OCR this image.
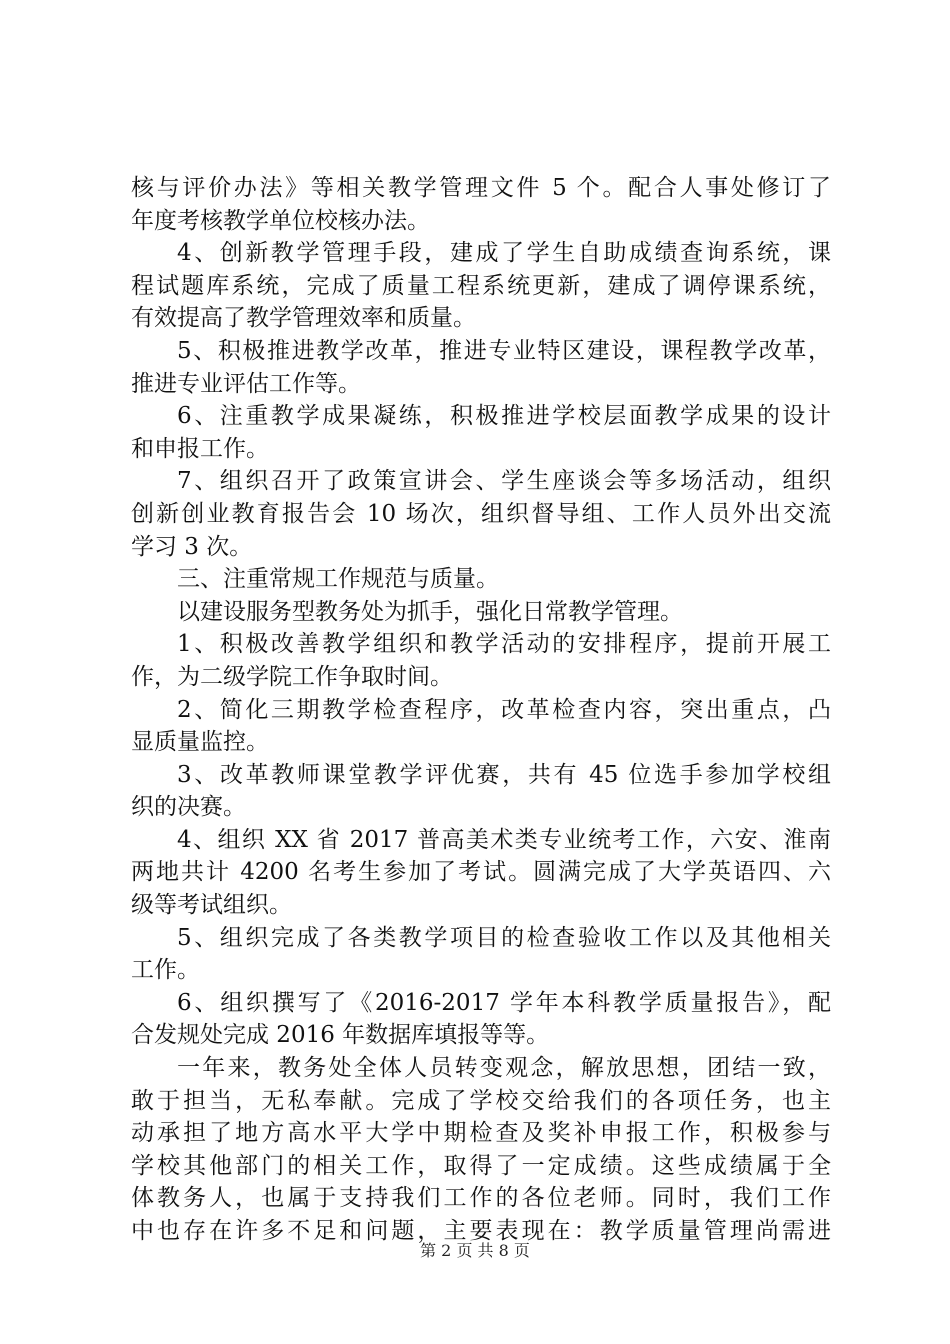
核与评价办法》等相关教学管理文件 5 个。配合人事处修订了
年度考核教学单位校核办法。
4、创新教学管理手段，建成了学生自助成绩查询系统，课
程试题库系统，完成了质量工程系统更新，建成了调停课系统，
有效提高了教学管理效率和质量。
5、积极推进教学改革，推进专业特区建设，课程教学改革，
推进专业评估工作等。
6、注重教学成果凝练，积极推进学校层面教学成果的设计
和申报工作。
7、组织召开了政策宣讲会、学生座谈会等多场活动，组织
创新创业教育报告会 10 场次，组织督导组、工作人员外出交流
学习 3 次。
三、注重常规工作规范与质量。
以建设服务型教务处为抓手，强化日常教学管理。
1、积极改善教学组织和教学活动的安排程序，提前开展工
作，为二级学院工作争取时间。
2、简化三期教学检查程序，改革检查内容，突出重点，凸
显质量监控。
3、改革教师课堂教学评优赛，共有 45 位选手参加学校组
织的决赛。
4、组织 XX 省 2017 普高美术类专业统考工作，六安、淮南
两地共计 4200 名考生参加了考试。圆满完成了大学英语四、六
级等考试组织。
5、组织完成了各类教学项目的检查验收工作以及其他相关
工作。
6、组织撰写了《2016-2017 学年本科教学质量报告》，配
合发规处完成 2016 年数据库填报等等。
一年来，教务处全体人员转变观念，解放思想，团结一致，
敢于担当，无私奉献。完成了学校交给我们的各项任务，也主
动承担了地方高水平大学中期检查及奖补申报工作，积极参与
学校其他部门的相关工作，取得了一定成绩。这些成绩属于全
体教务人，也属于支持我们工作的各位老师。同时，我们工作
中也存在许多不足和问题，主要表现在：教学质量管理尚需进
第 2 页 共 8 页
